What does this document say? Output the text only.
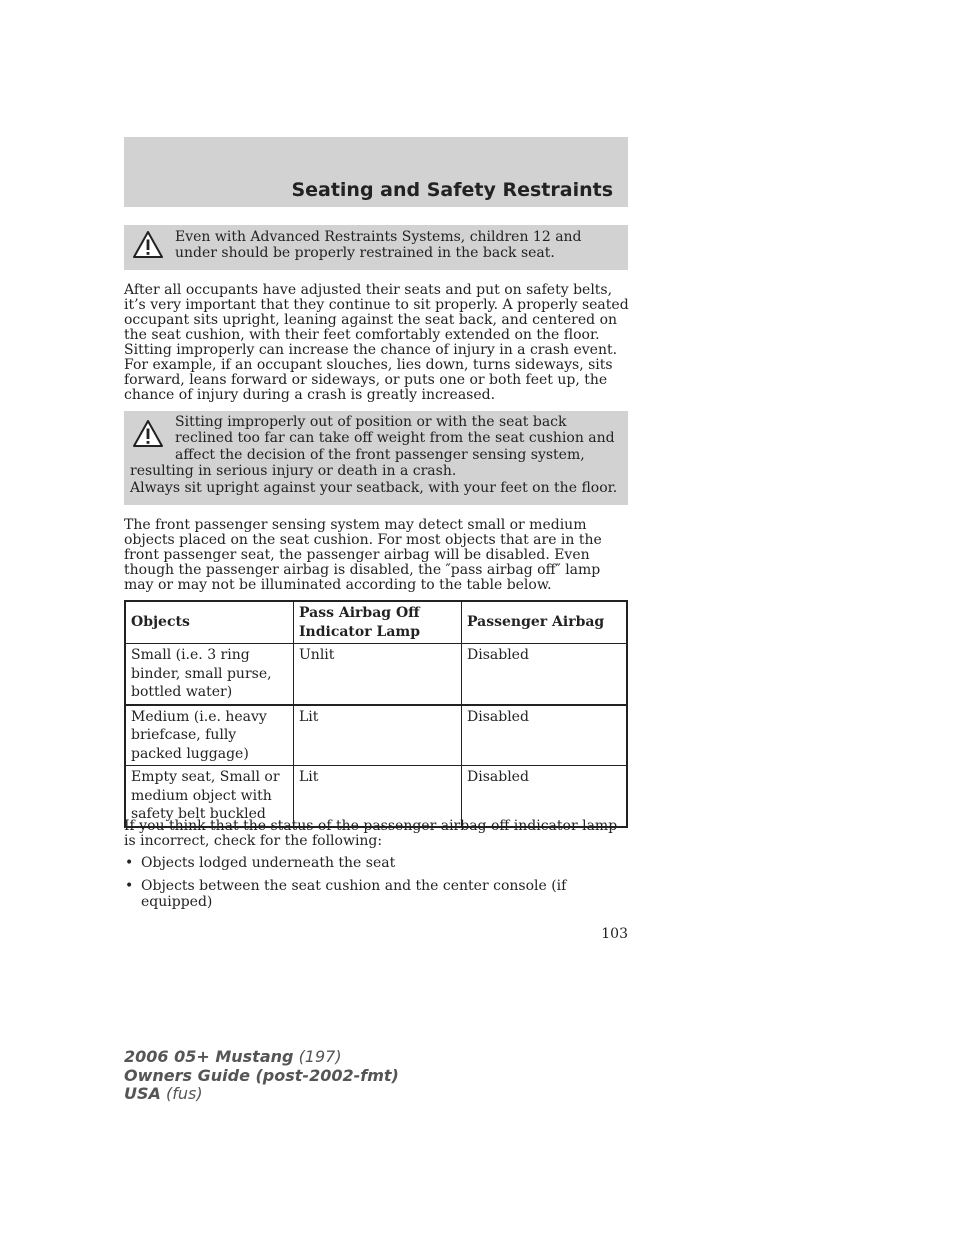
Seating and Safety Restraints
Even with Advanced Restraints Systems, children 12 and under should be properly restrained in the back seat.

After all occupants have adjusted their seats and put on safety belts, it’s very important that they continue to sit properly. A properly seated occupant sits upright, leaning against the seat back, and centered on the seat cushion, with their feet comfortably extended on the floor. Sitting improperly can increase the chance of injury in a crash event. For example, if an occupant slouches, lies down, turns sideways, sits forward, leans forward or sideways, or puts one or both feet up, the chance of injury during a crash is greatly increased.

Sitting improperly out of position or with the seat back reclined too far can take off weight from the seat cushion and affect the decision of the front passenger sensing system, resulting in serious injury or death in a crash.
Always sit upright against your seatback, with your feet on the floor.

The front passenger sensing system may detect small or medium objects placed on the seat cushion. For most objects that are in the front passenger seat, the passenger airbag will be disabled. Even though the passenger airbag is disabled, the ″pass airbag off″ lamp may or may not be illuminated according to the table below.

Objects	Pass Airbag Off Indicator Lamp	Passenger Airbag
Small (i.e. 3 ring binder, small purse, bottled water)	Unlit	Disabled
Medium (i.e. heavy briefcase, fully packed luggage)	Lit	Disabled
Empty seat, Small or medium object with safety belt buckled	Lit	Disabled

If you think that the status of the passenger airbag off indicator lamp is incorrect, check for the following:

• Objects lodged underneath the seat
• Objects between the seat cushion and the center console (if equipped)
103
2006 05+ Mustang (197)
Owners Guide (post-2002-fmt)
USA (fus)
